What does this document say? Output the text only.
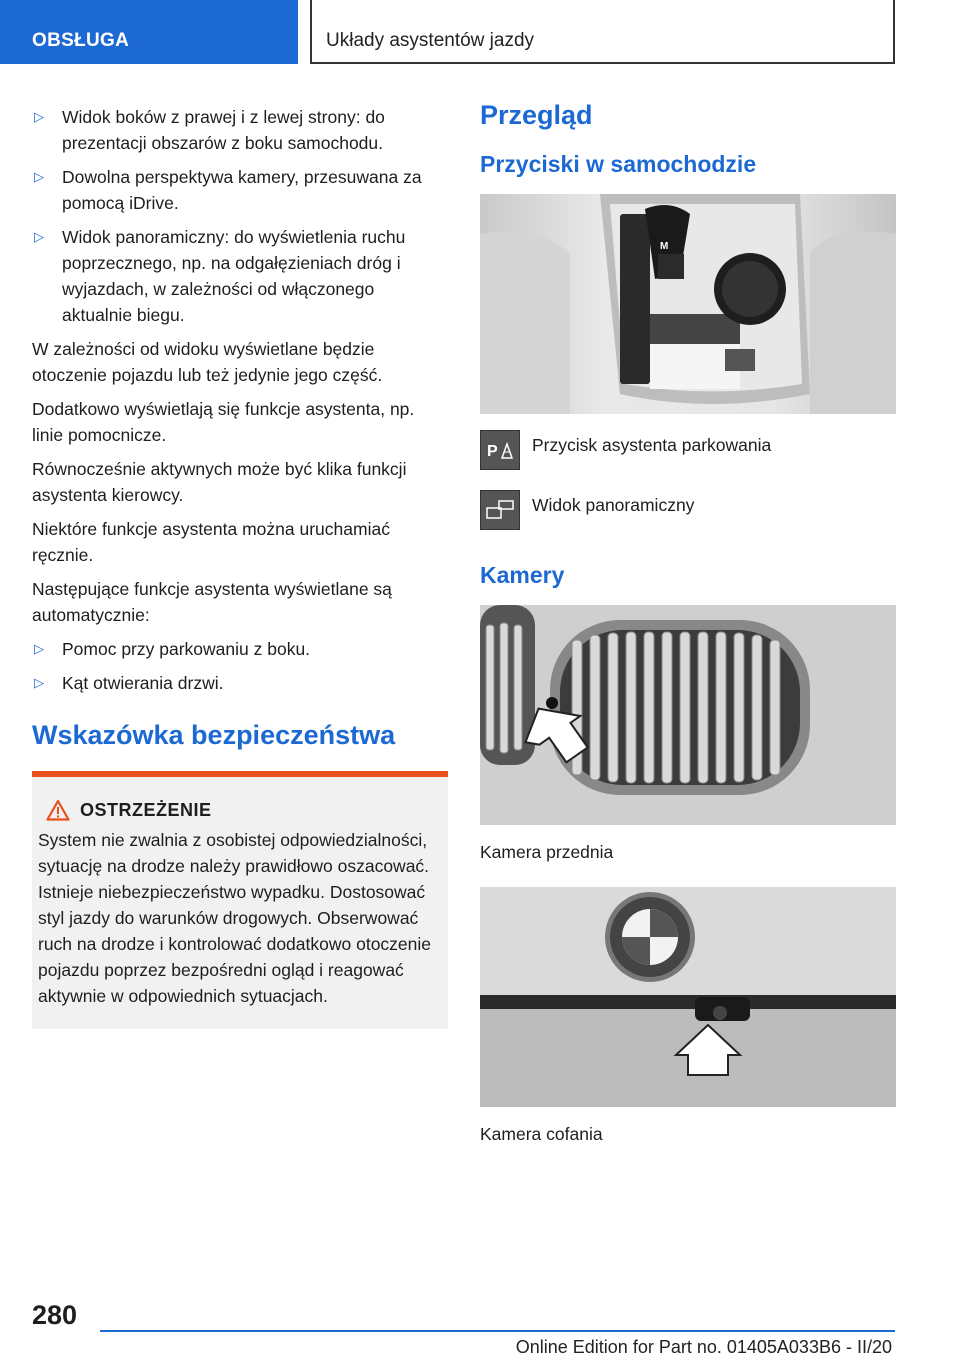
OBSŁUGA	Układy asystentów jazdy
▷ Widok boków z prawej i z lewej strony: do prezentacji obszarów z boku samochodu.
▷ Dowolna perspektywa kamery, przesuwana za pomocą iDrive.
▷ Widok panoramiczny: do wyświetlenia ruchu poprzecznego, np. na odgałęzieniach dróg i wyjazdach, w zależności od włączonego aktualnie biegu.

W zależności od widoku wyświetlane będzie otoczenie pojazdu lub też jedynie jego część.

Dodatkowo wyświetlają się funkcje asystenta, np. linie pomocnicze.

Równocześnie aktywnych może być klika funkcji asystenta kierowcy.

Niektóre funkcje asystenta można uruchamiać ręcznie.

Następujące funkcje asystenta wyświetlane są automatycznie:

▷ Pomoc przy parkowaniu z boku.
▷ Kąt otwierania drzwi.
Wskazówka bezpieczeństwa
OSTRZEŻENIE

System nie zwalnia z osobistej odpowiedzialności, sytuację na drodze należy prawidłowo oszacować. Istnieje niebezpieczeństwo wypadku. Dostosować styl jazdy do warunków drogowych. Obserwować ruch na drodze i kontrolować dodatkowo otoczenie pojazdu poprzez bezpośredni ogląd i reagować aktywnie w odpowiednich sytuacjach.

Przegląd
Przyciski w samochodzie
M
P Przycisk asystenta parkowania
Widok panoramiczny
Kamery

Kamera przednia

Kamera cofania

280
Online Edition for Part no. 01405A033B6 - II/20
